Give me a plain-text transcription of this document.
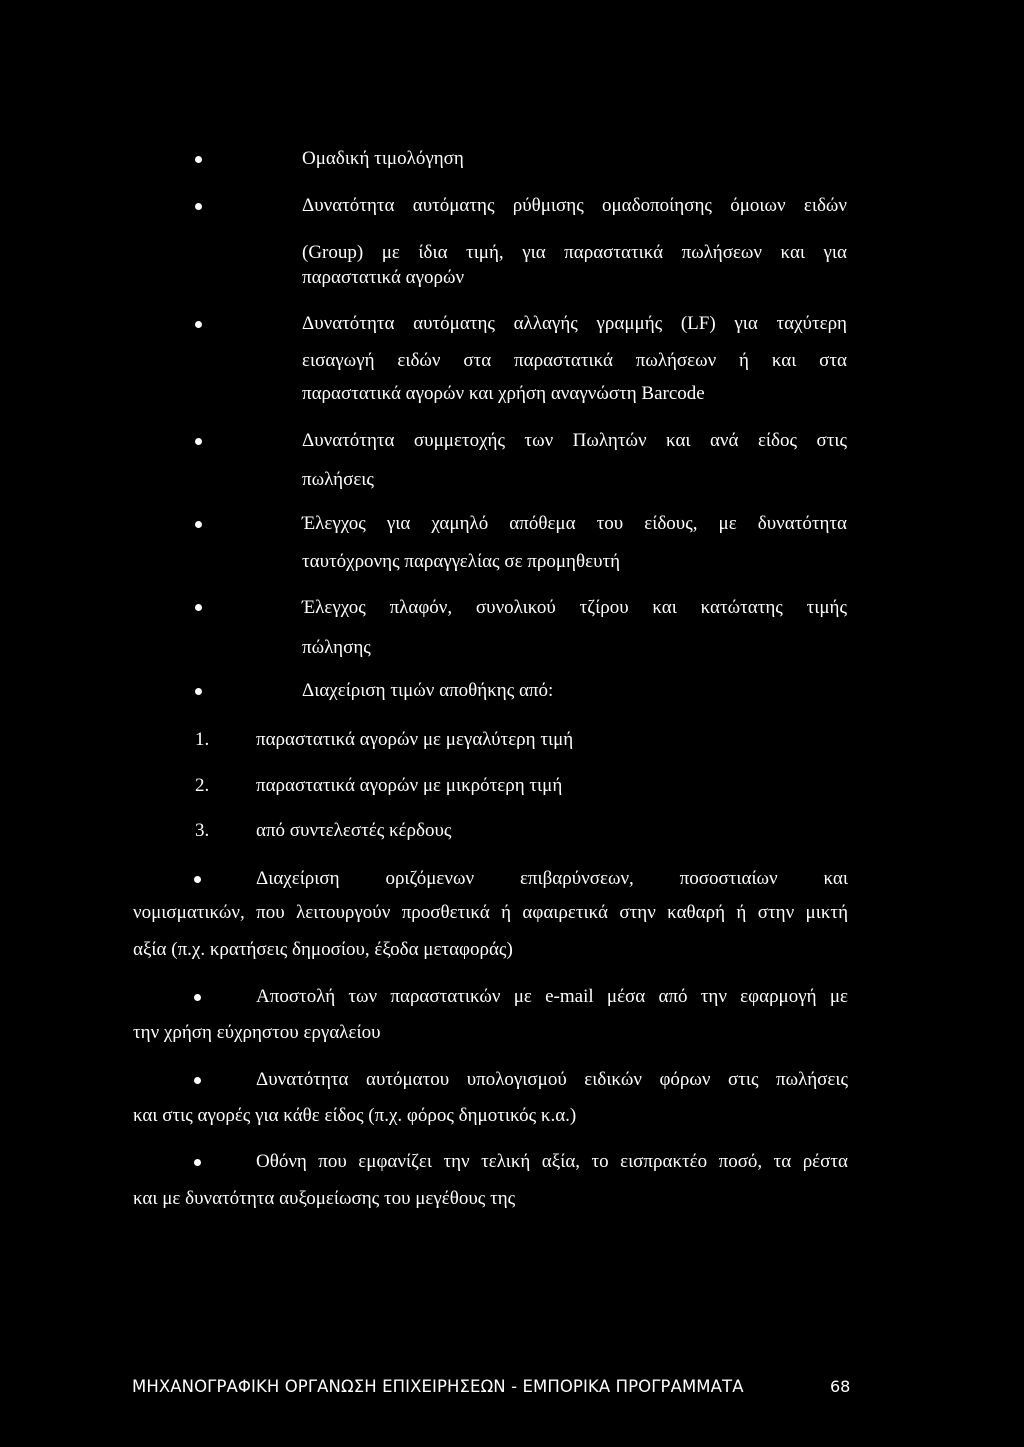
Ομαδική τιμολόγηση
Δυνατότητα αυτόματης ρύθμισης ομαδοποίησης όμοιων ειδών
(Group) με ίδια τιμή, για παραστατικά πωλήσεων και για
παραστατικά αγορών
Δυνατότητα αυτόματης αλλαγής γραμμής (LF) για ταχύτερη
εισαγωγή ειδών στα παραστατικά πωλήσεων ή και στα
παραστατικά αγορών και χρήση αναγνώστη Barcode
Δυνατότητα συμμετοχής των Πωλητών και ανά είδος στις
πωλήσεις
Έλεγχος για χαμηλό απόθεμα του είδους, με δυνατότητα
ταυτόχρονης παραγγελίας σε προμηθευτή
Έλεγχος πλαφόν, συνολικού τζίρου και κατώτατης τιμής
πώλησης
Διαχείριση τιμών αποθήκης από:
1. παραστατικά αγορών με μεγαλύτερη τιμή
2. παραστατικά αγορών με μικρότερη τιμή
3. από συντελεστές κέρδους
Διαχείριση οριζόμενων επιβαρύνσεων, ποσοστιαίων και
νομισματικών, που λειτουργούν προσθετικά ή αφαιρετικά στην καθαρή ή στην μικτή
αξία (π.χ. κρατήσεις δημοσίου, έξοδα μεταφοράς)
Αποστολή των παραστατικών με e-mail μέσα από την εφαρμογή με
την χρήση εύχρηστου εργαλείου
Δυνατότητα αυτόματου υπολογισμού ειδικών φόρων στις πωλήσεις
και στις αγορές για κάθε είδος (π.χ. φόρος δημοτικός κ.α.)
Οθόνη που εμφανίζει την τελική αξία, το εισπρακτέο ποσό, τα ρέστα
και με δυνατότητα αυξομείωσης του μεγέθους της
ΜΗΧΑΝΟΓΡΑΦΙΚΗ ΟΡΓΑΝΩΣΗ ΕΠΙΧΕΙΡΗΣΕΩΝ - ΕΜΠΟΡΙΚΑ ΠΡΟΓΡΑΜΜΑΤΑ	68
